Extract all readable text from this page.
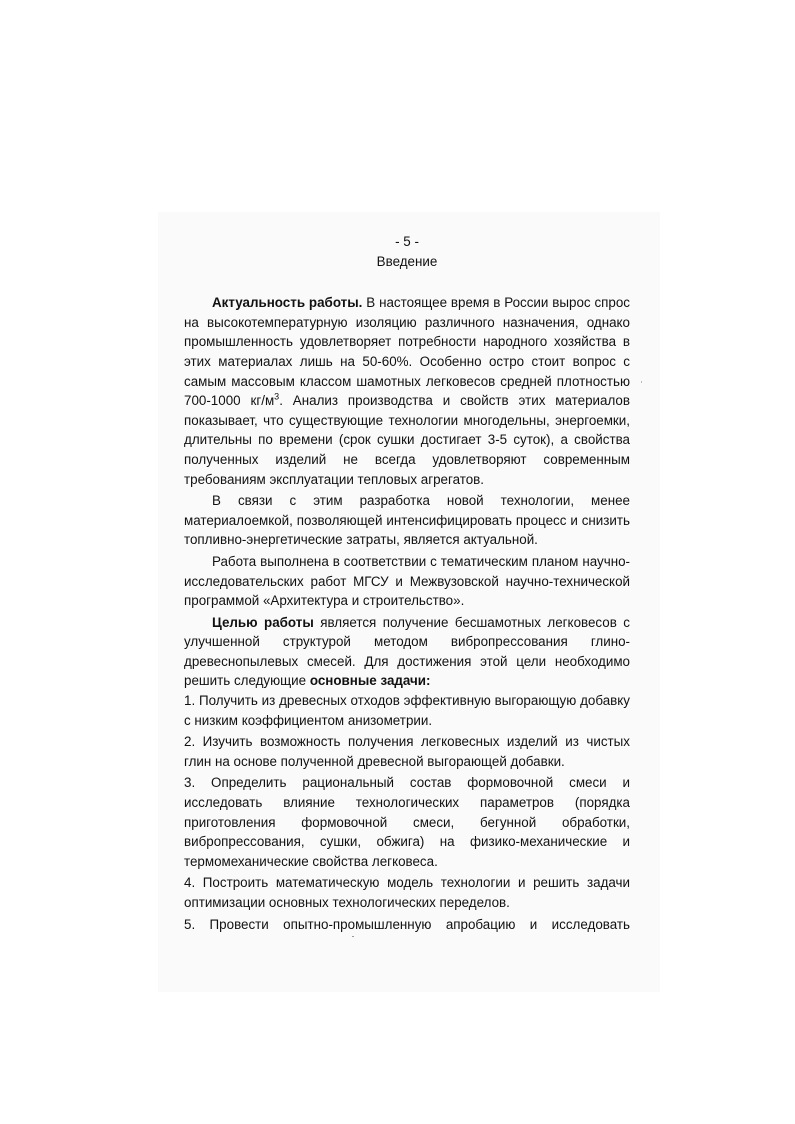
- 5 -
Введение

Актуальность работы. В настоящее время в России вырос спрос на высокотемпературную изоляцию различного назначения, однако промышленность удовлетворяет потребности народного хозяйства в этих материалах лишь на 50-60%. Особенно остро стоит вопрос с самым массовым классом шамотных легковесов средней плотностью 700-1000 $кг/м^3$. Анализ производства и свойств этих материалов показывает, что существующие технологии многодельны, энергоемки, длительны по времени (срок сушки достигает 3-5 суток), а свойства полученных изделий не всегда удовлетворяют современным требованиям эксплуатации тепловых агрегатов.

В связи с этим разработка новой технологии, менее материалоемкой, позволяющей интенсифицировать процесс и снизить топливно-энергетические затраты, является актуальной.

Работа выполнена в соответствии с тематическим планом научно-исследовательских работ МГСУ и Межвузовской научно-технической программой «Архитектура и строительство».

Целью работы является получение бесшамотных легковесов с улучшенной структурой методом вибропрессования глино-древеснопылевых смесей. Для достижения этой цели необходимо решить следующие основные задачи:

1. Получить из древесных отходов эффективную выгорающую добавку с низким коэффициентом анизометрии.

2. Изучить возможность получения легковесных изделий из чистых глин на основе полученной древесной выгорающей добавки.

3. Определить рациональный состав формовочной смеси и исследовать влияние технологических параметров (порядка приготовления формовочной смеси, бегунной обработки, вибропрессования, сушки, обжига) на физико-механические и термомеханические свойства легковеса.

4. Построить математическую модель технологии и решить задачи оптимизации основных технологических переделов.

5. Провести опытно-промышленную апробацию и исследовать
